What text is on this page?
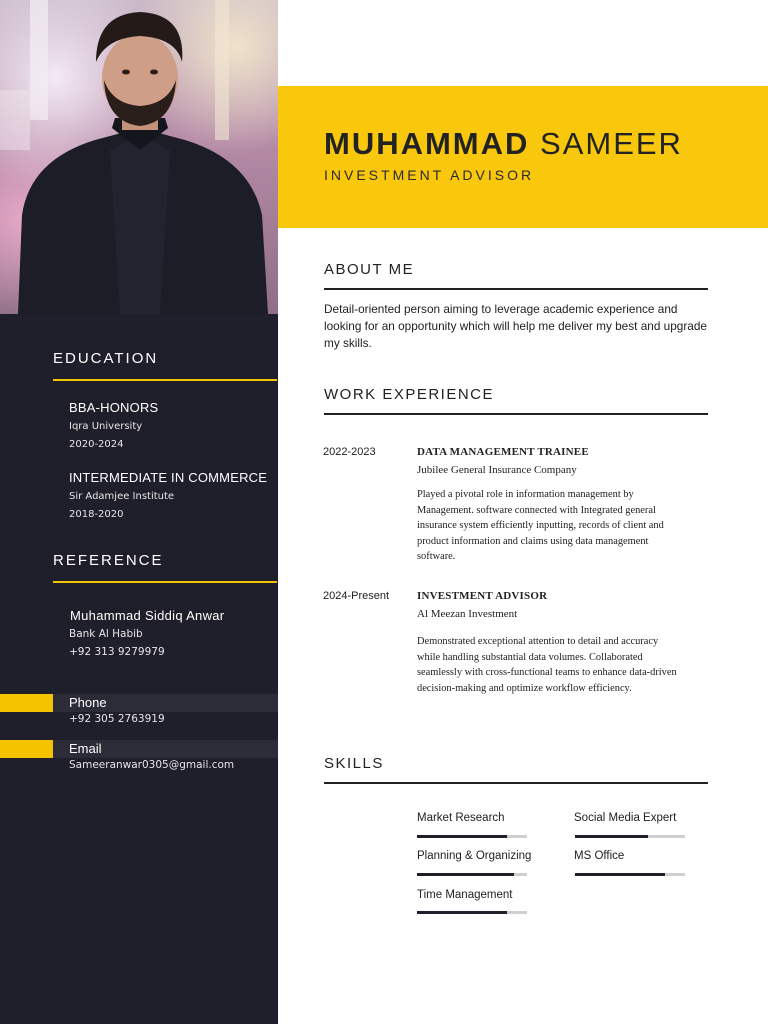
EDUCATION
BBA-HONORS
Iqra University
2020-2024
INTERMEDIATE IN COMMERCE
Sir Adamjee Institute
2018-2020
REFERENCE
Muhammad Siddiq Anwar
Bank Al Habib
+92 313 9279979
Phone
+92 305 2763919
Email
Sameeranwar0305@gmail.com
MUHAMMAD SAMEER
INVESTMENT ADVISOR
ABOUT ME
Detail-oriented person aiming to leverage academic experience and looking for an opportunity which will help me deliver my best and upgrade my skills.
WORK EXPERIENCE
2022-2023	DATA MANAGEMENT TRAINEE
Jubilee General Insurance Company
Played a pivotal role in information management by Management. software connected with Integrated general insurance system efficiently inputting, records of client and product information and claims using data management software.
2024-Present	INVESTMENT ADVISOR
Al Meezan Investment
Demonstrated exceptional attention to detail and accuracy while handling substantial data volumes. Collaborated seamlessly with cross-functional teams to enhance data-driven decision-making and optimize workflow efficiency.
SKILLS
Market Research	Social Media Expert
Planning & Organizing	MS Office
Time Management
